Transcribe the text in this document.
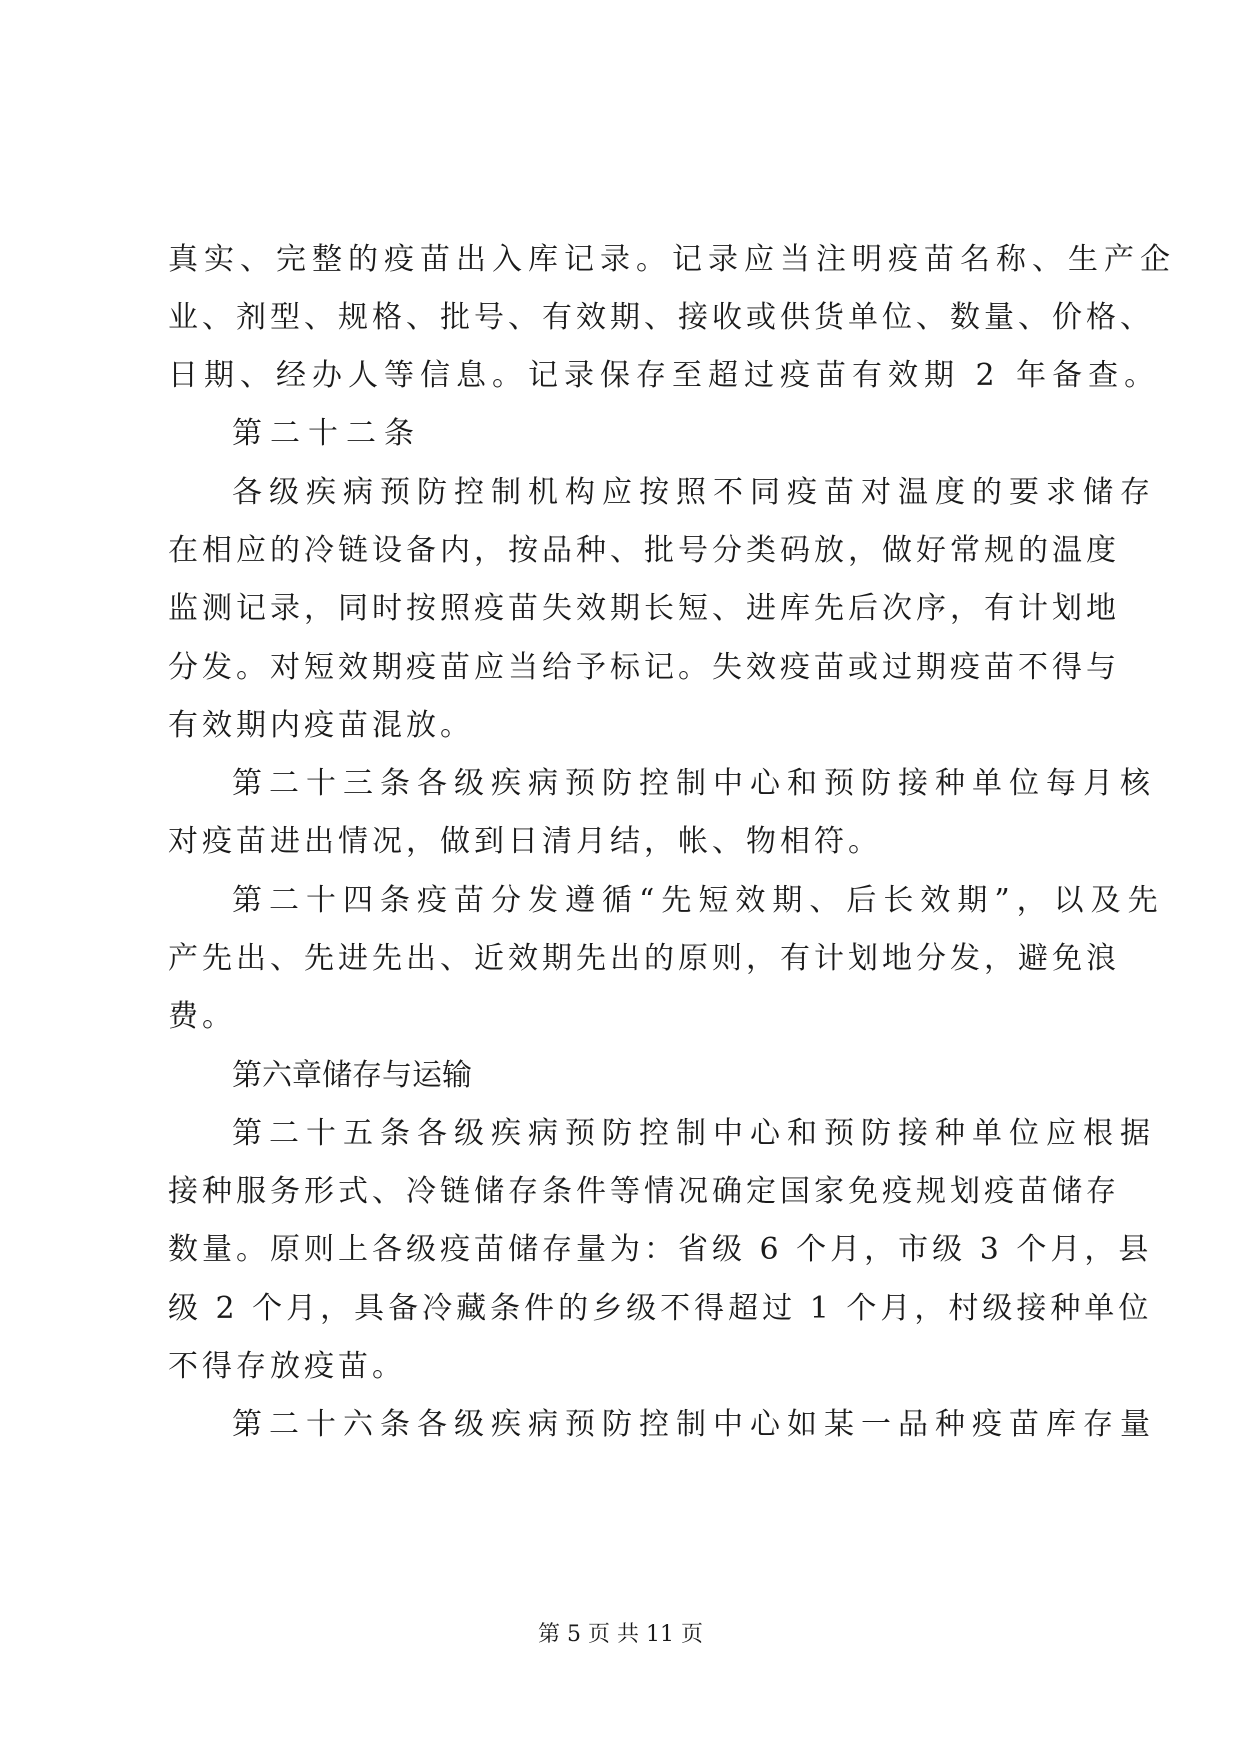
真实、完整的疫苗出入库记录。记录应当注明疫苗名称、生产企
业、剂型、规格、批号、有效期、接收或供货单位、数量、价格、
日期、经办人等信息。记录保存至超过疫苗有效期 2 年备查。
第二十二条
各级疾病预防控制机构应按照不同疫苗对温度的要求储存
在相应的冷链设备内，按品种、批号分类码放，做好常规的温度
监测记录，同时按照疫苗失效期长短、进库先后次序，有计划地
分发。对短效期疫苗应当给予标记。失效疫苗或过期疫苗不得与
有效期内疫苗混放。
第二十三条各级疾病预防控制中心和预防接种单位每月核
对疫苗进出情况，做到日清月结，帐、物相符。
第二十四条疫苗分发遵循“先短效期、后长效期”，以及先
产先出、先进先出、近效期先出的原则，有计划地分发，避免浪
费。
第六章储存与运输
第二十五条各级疾病预防控制中心和预防接种单位应根据
接种服务形式、冷链储存条件等情况确定国家免疫规划疫苗储存
数量。原则上各级疫苗储存量为：省级 6 个月，市级 3 个月，县
级 2 个月，具备冷藏条件的乡级不得超过 1 个月，村级接种单位
不得存放疫苗。
第二十六条各级疾病预防控制中心如某一品种疫苗库存量
第 5 页 共 11 页
